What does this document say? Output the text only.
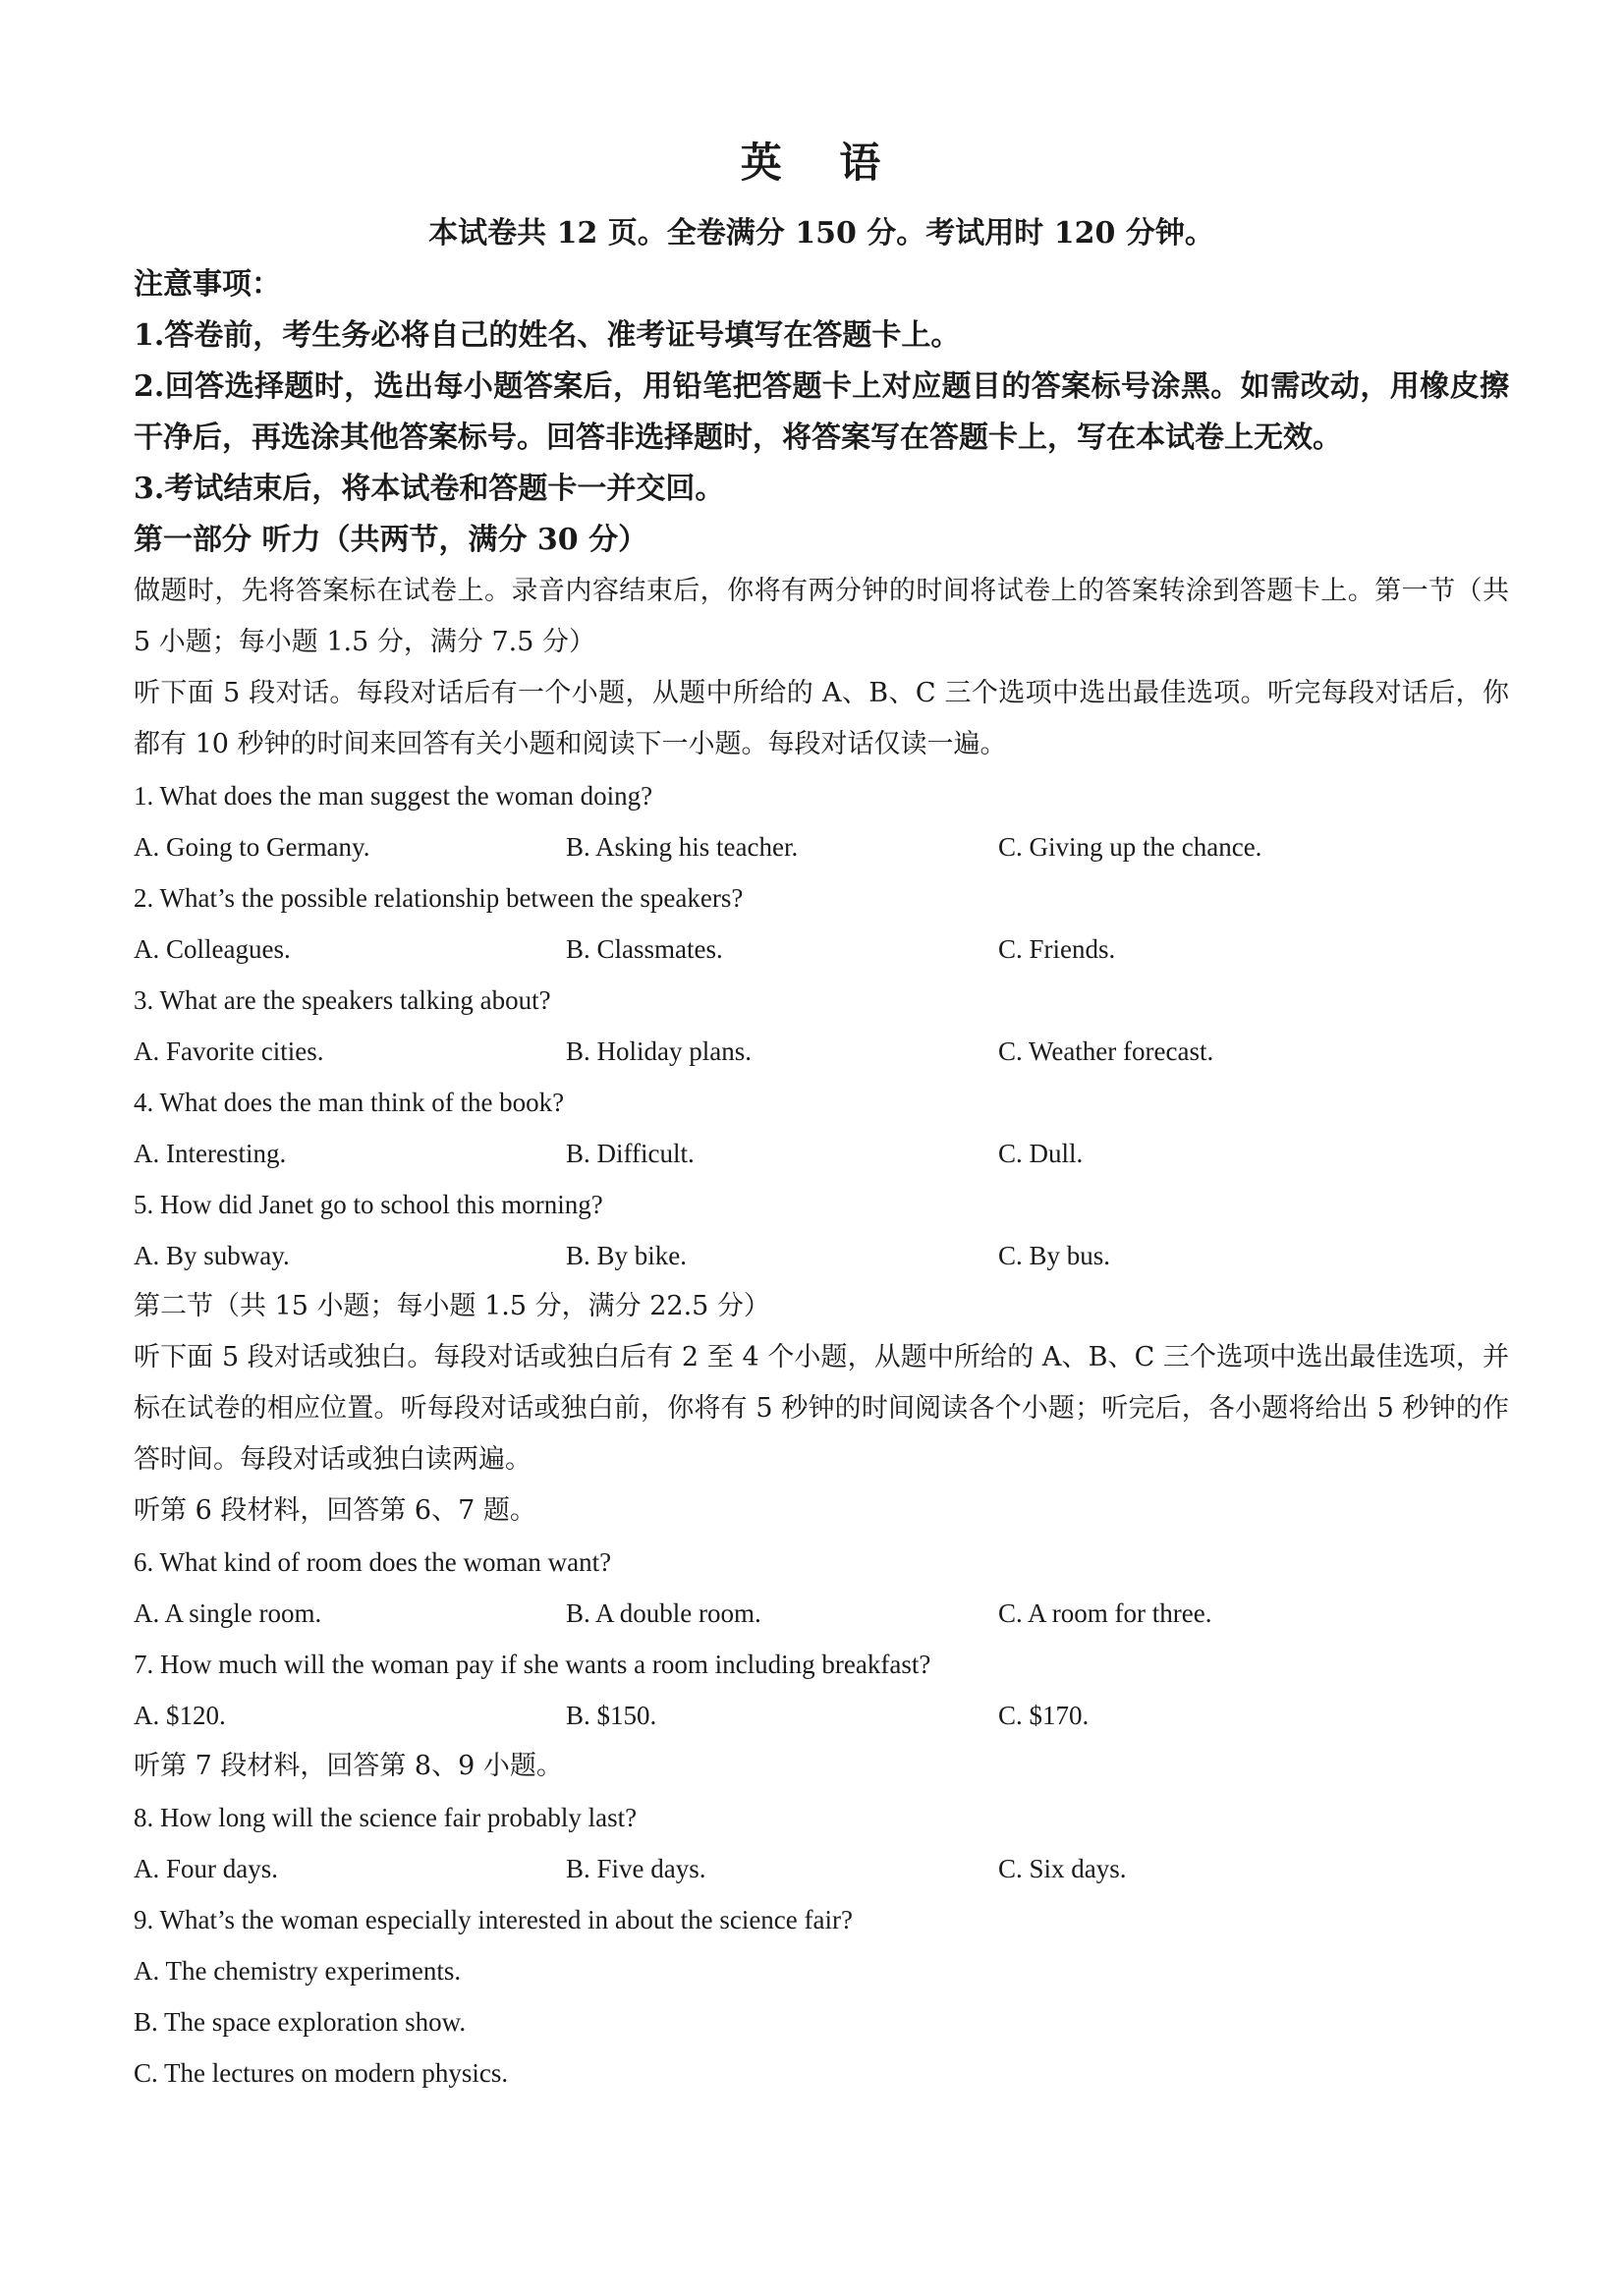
英 语
本试卷共 12 页。全卷满分 150 分。考试用时 120 分钟。
注意事项：
1.答卷前，考生务必将自己的姓名、准考证号填写在答题卡上。
2.回答选择题时，选出每小题答案后，用铅笔把答题卡上对应题目的答案标号涂黑。如需改动，用橡皮擦干净后，再选涂其他答案标号。回答非选择题时，将答案写在答题卡上，写在本试卷上无效。
3.考试结束后，将本试卷和答题卡一并交回。
第一部分 听力（共两节，满分 30 分）
做题时，先将答案标在试卷上。录音内容结束后，你将有两分钟的时间将试卷上的答案转涂到答题卡上。第一节（共 5 小题；每小题 1.5 分，满分 7.5 分）
听下面 5 段对话。每段对话后有一个小题，从题中所给的 A、B、C 三个选项中选出最佳选项。听完每段对话后，你都有 10 秒钟的时间来回答有关小题和阅读下一小题。每段对话仅读一遍。
1. What does the man suggest the woman doing?
A. Going to Germany.	B. Asking his teacher.	C. Giving up the chance.
2. What’s the possible relationship between the speakers?
A. Colleagues.	B. Classmates.	C. Friends.
3. What are the speakers talking about?
A. Favorite cities.	B. Holiday plans.	C. Weather forecast.
4. What does the man think of the book?
A. Interesting.	B. Difficult.	C. Dull.
5. How did Janet go to school this morning?
A. By subway.	B. By bike.	C. By bus.
第二节（共 15 小题；每小题 1.5 分，满分 22.5 分）
听下面 5 段对话或独白。每段对话或独白后有 2 至 4 个小题，从题中所给的 A、B、C 三个选项中选出最佳选项，并标在试卷的相应位置。听每段对话或独白前，你将有 5 秒钟的时间阅读各个小题；听完后，各小题将给出 5 秒钟的作答时间。每段对话或独白读两遍。
听第 6 段材料，回答第 6、7 题。
6. What kind of room does the woman want?
A. A single room.	B. A double room.	C. A room for three.
7. How much will the woman pay if she wants a room including breakfast?
A. $120.	B. $150.	C. $170.
听第 7 段材料，回答第 8、9 小题。
8. How long will the science fair probably last?
A. Four days.	B. Five days.	C. Six days.
9. What’s the woman especially interested in about the science fair?
A. The chemistry experiments.
B. The space exploration show.
C. The lectures on modern physics.
